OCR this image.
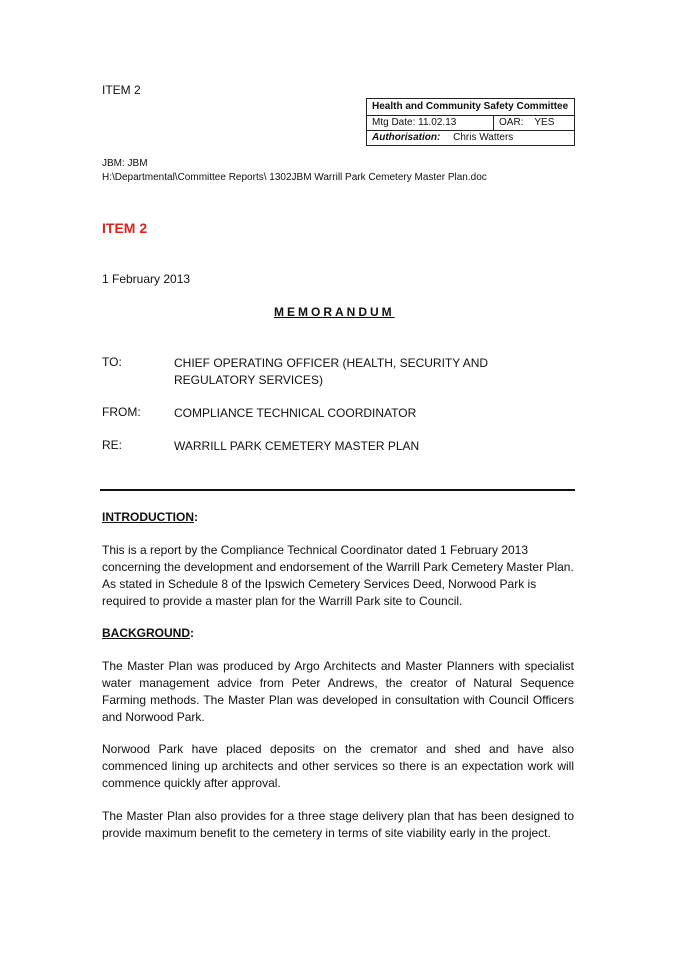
ITEM 2
Health and Community Safety Committee
Mtg Date: 11.02.13	OAR: YES
Authorisation: Chris Watters
JBM: JBM
H:\Departmental\Committee Reports\ 1302JBM Warrill Park Cemetery Master Plan.doc
ITEM 2
1 February 2013
MEMORANDUM
TO:	CHIEF OPERATING OFFICER (HEALTH, SECURITY AND REGULATORY SERVICES)
FROM:	COMPLIANCE TECHNICAL COORDINATOR
RE:	WARRILL PARK CEMETERY MASTER PLAN
INTRODUCTION:
This is a report by the Compliance Technical Coordinator dated 1 February 2013 concerning the development and endorsement of the Warrill Park Cemetery Master Plan. As stated in Schedule 8 of the Ipswich Cemetery Services Deed, Norwood Park is required to provide a master plan for the Warrill Park site to Council.
BACKGROUND:
The Master Plan was produced by Argo Architects and Master Planners with specialist water management advice from Peter Andrews, the creator of Natural Sequence Farming methods. The Master Plan was developed in consultation with Council Officers and Norwood Park.
Norwood Park have placed deposits on the cremator and shed and have also commenced lining up architects and other services so there is an expectation work will commence quickly after approval.
The Master Plan also provides for a three stage delivery plan that has been designed to provide maximum benefit to the cemetery in terms of site viability early in the project.
